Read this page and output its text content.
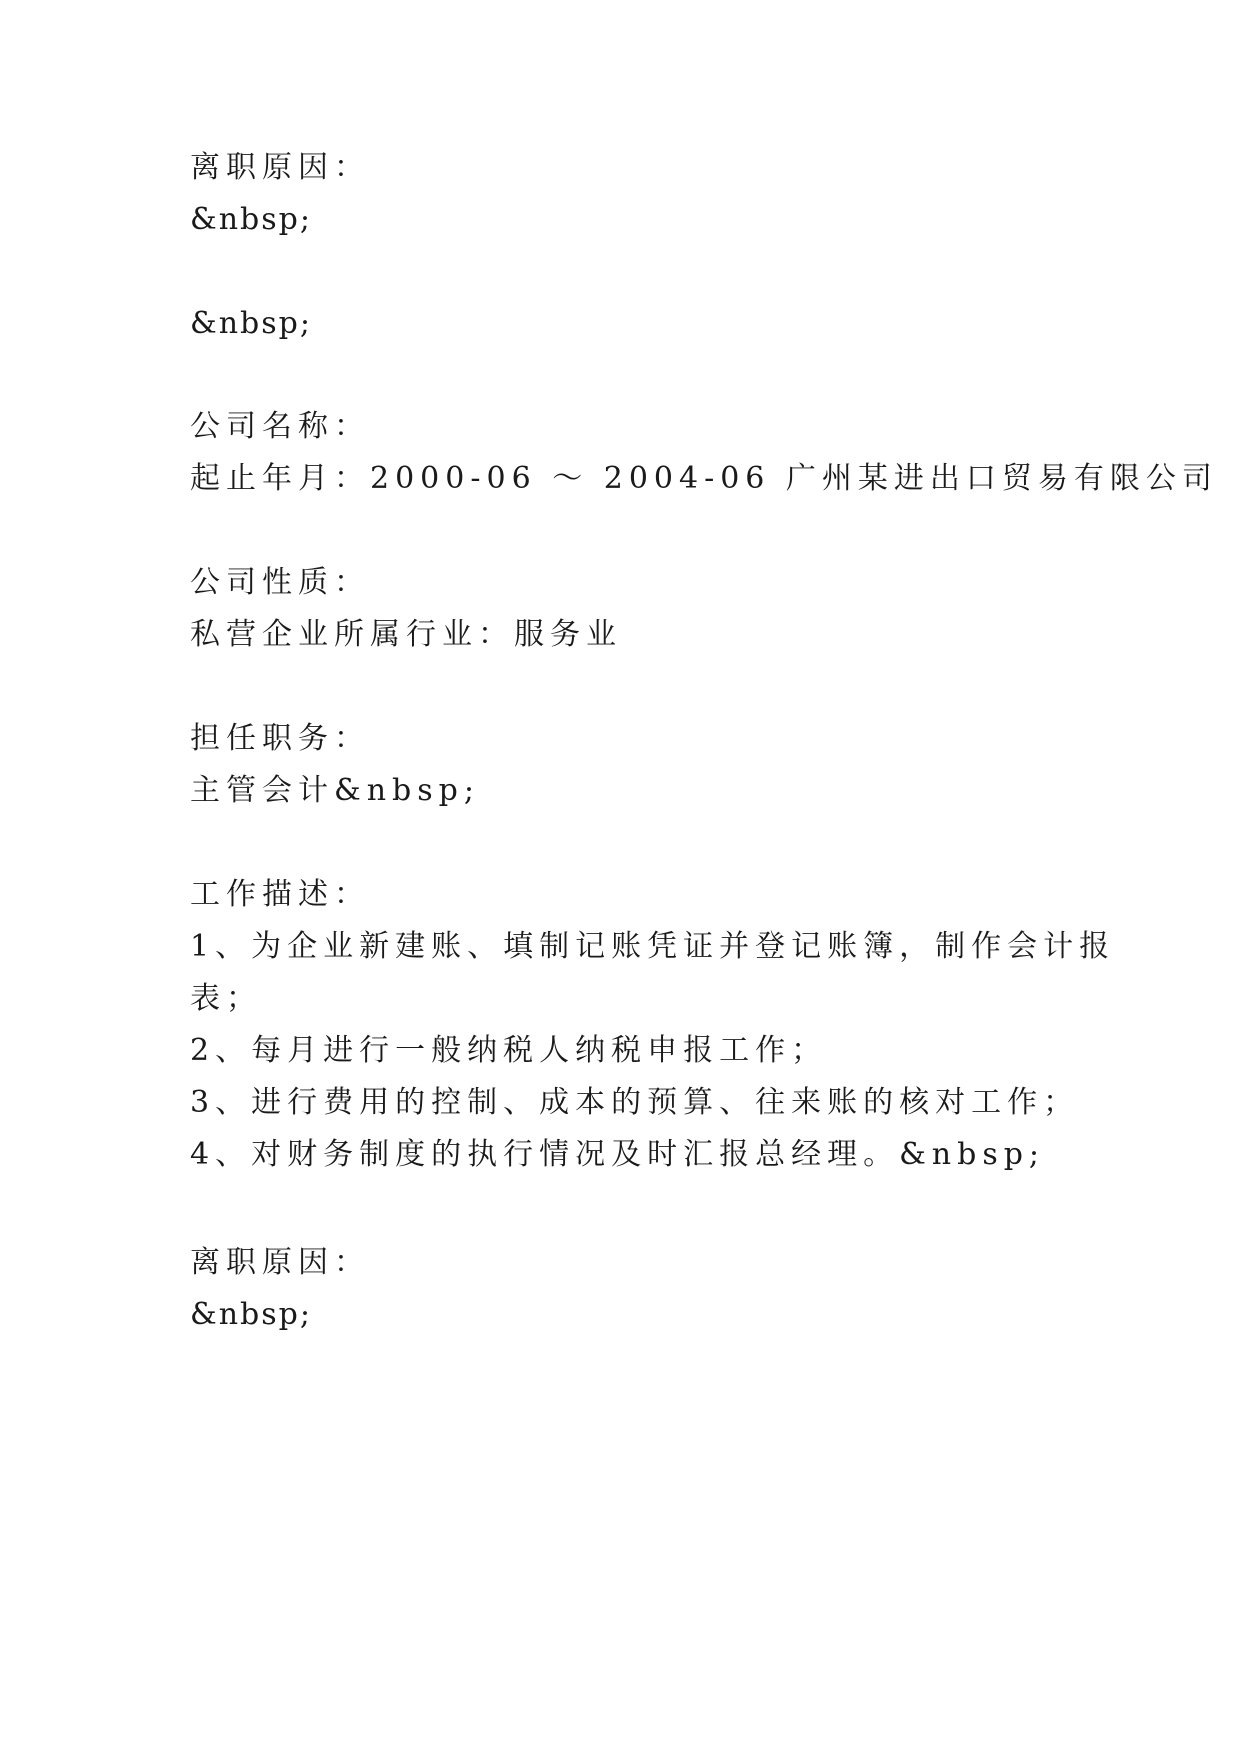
离职原因：

&nbsp;

&nbsp;

公司名称：

起止年月：2000-06 ～ 2004-06 广州某进出口贸易有限公司

公司性质：

私营企业所属行业：服务业

担任职务：

主管会计&nbsp;

工作描述：

1、为企业新建账、填制记账凭证并登记账簿，制作会计报

表；

2、每月进行一般纳税人纳税申报工作；

3、进行费用的控制、成本的预算、往来账的核对工作；

4、对财务制度的执行情况及时汇报总经理。&nbsp;

离职原因：

&nbsp;
